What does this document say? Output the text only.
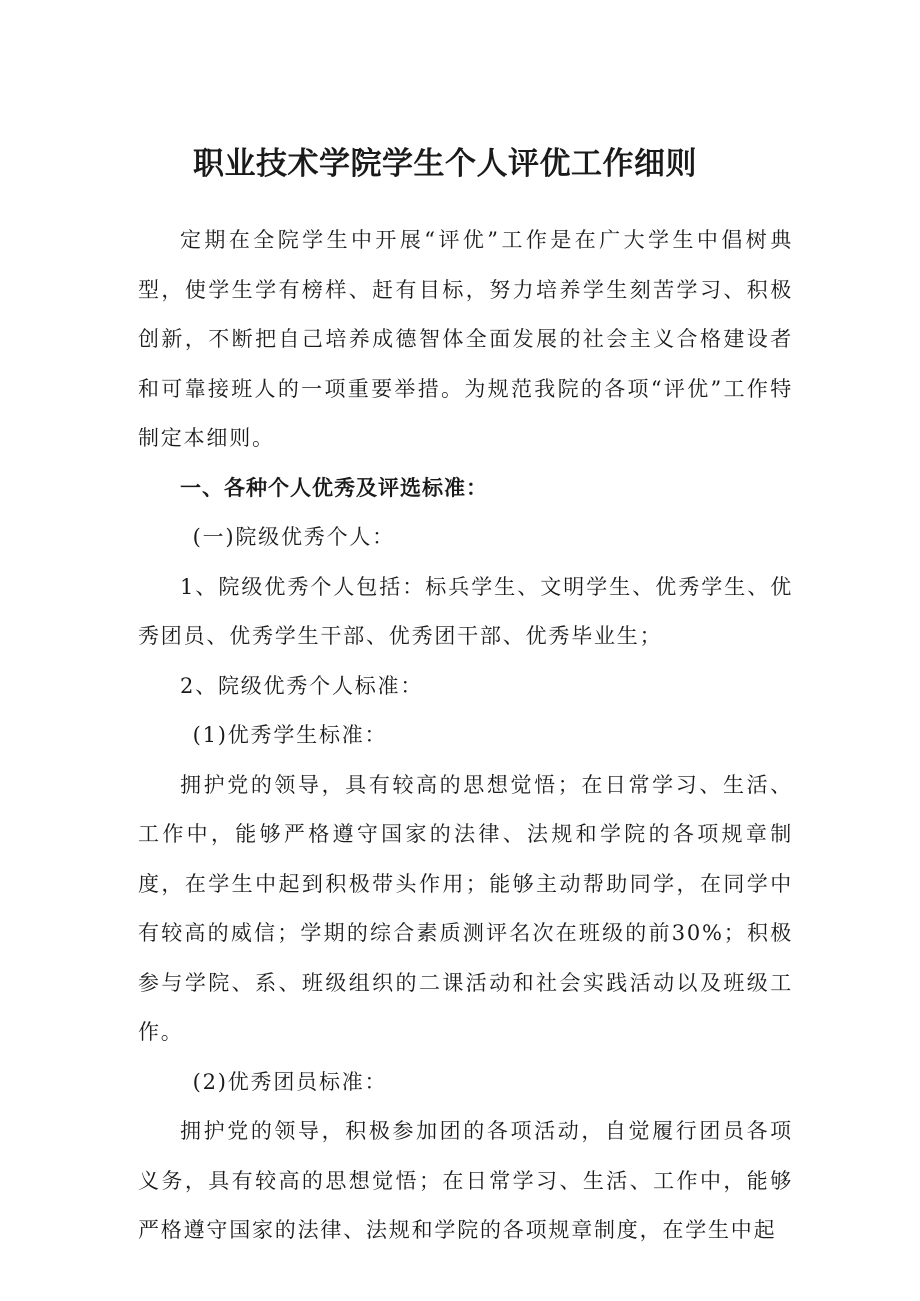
职业技术学院学生个人评优工作细则

定期在全院学生中开展“评优”工作是在广大学生中倡树典型，使学生学有榜样、赶有目标，努力培养学生刻苦学习、积极创新，不断把自己培养成德智体全面发展的社会主义合格建设者和可靠接班人的一项重要举措。为规范我院的各项“评优”工作特制定本细则。

一、各种个人优秀及评选标准：

(一)院级优秀个人：

1、院级优秀个人包括：标兵学生、文明学生、优秀学生、优秀团员、优秀学生干部、优秀团干部、优秀毕业生；

2、院级优秀个人标准：

(1)优秀学生标准：

拥护党的领导，具有较高的思想觉悟；在日常学习、生活、工作中，能够严格遵守国家的法律、法规和学院的各项规章制度，在学生中起到积极带头作用；能够主动帮助同学，在同学中有较高的威信；学期的综合素质测评名次在班级的前30%；积极参与学院、系、班级组织的二课活动和社会实践活动以及班级工作。

(2)优秀团员标准：

拥护党的领导，积极参加团的各项活动，自觉履行团员各项义务，具有较高的思想觉悟；在日常学习、生活、工作中，能够严格遵守国家的法律、法规和学院的各项规章制度，在学生中起
